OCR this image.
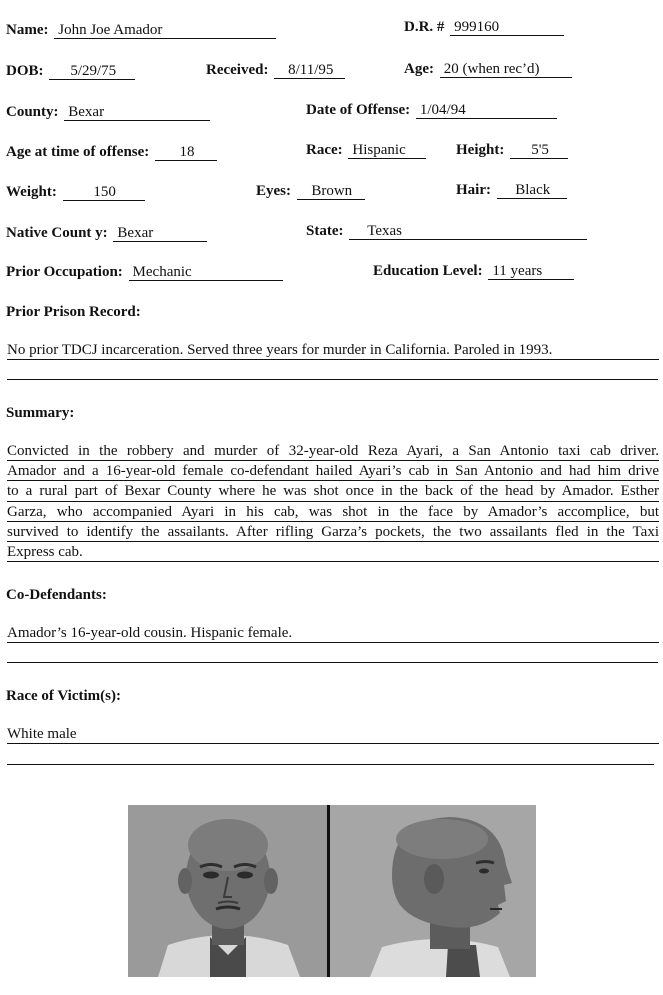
Name: John Joe Amador	D.R. # 999160
DOB: 5/29/75	Received: 8/11/95	Age: 20 (when rec’d)
County: Bexar	Date of Offense: 1/04/94
Age at time of offense: 18	Race: Hispanic	Height: 5'5
Weight: 150	Eyes: Brown	Hair: Black
Native Count y: Bexar	State: Texas
Prior Occupation: Mechanic	Education Level: 11 years
Prior Prison Record:
No prior TDCJ incarceration. Served three years for murder in California. Paroled in 1993.
Summary:
Convicted in the robbery and murder of 32-year-old Reza Ayari, a San Antonio taxi cab driver.
Amador and a 16-year-old female co-defendant hailed Ayari’s cab in San Antonio and had him drive
to a rural part of Bexar County where he was shot once in the back of the head by Amador. Esther
Garza, who accompanied Ayari in his cab, was shot in the face by Amador’s accomplice, but
survived to identify the assailants. After rifling Garza’s pockets, the two assailants fled in the Taxi
Express cab.
Co-Defendants:
Amador’s 16-year-old cousin. Hispanic female.
Race of Victim(s):
White male
